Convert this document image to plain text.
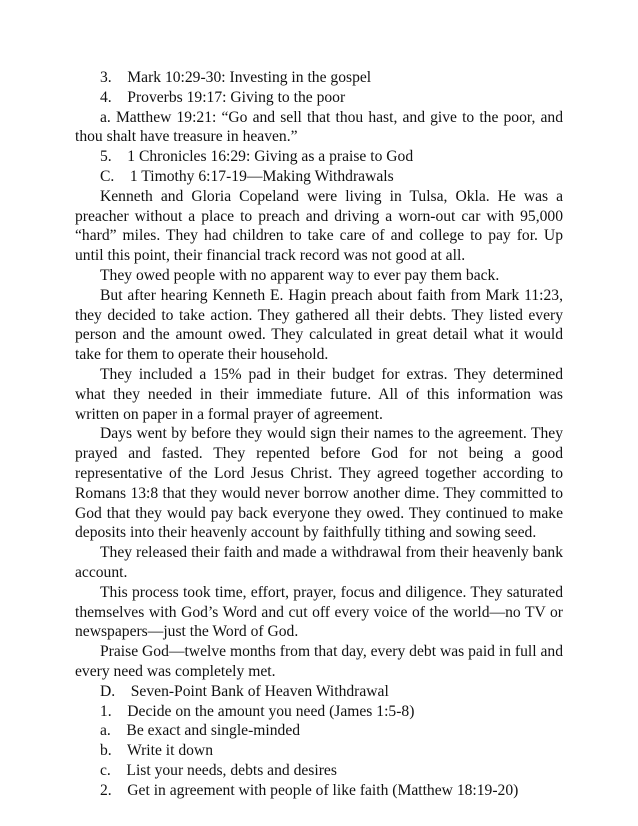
3.    Mark 10:29-30: Investing in the gospel
4.    Proverbs 19:17: Giving to the poor
a. Matthew 19:21: “Go and sell that thou hast, and give to the poor, and thou shalt have treasure in heaven.”
5.    1 Chronicles 16:29: Giving as a praise to God
C.    1 Timothy 6:17-19—Making Withdrawals
Kenneth and Gloria Copeland were living in Tulsa, Okla. He was a preacher without a place to preach and driving a worn-out car with 95,000 “hard” miles. They had children to take care of and college to pay for. Up until this point, their financial track record was not good at all.
They owed people with no apparent way to ever pay them back.
But after hearing Kenneth E. Hagin preach about faith from Mark 11:23, they decided to take action. They gathered all their debts. They listed every person and the amount owed. They calculated in great detail what it would take for them to operate their household.
They included a 15% pad in their budget for extras. They determined what they needed in their immediate future. All of this information was written on paper in a formal prayer of agreement.
Days went by before they would sign their names to the agreement. They prayed and fasted. They repented before God for not being a good representative of the Lord Jesus Christ. They agreed together according to Romans 13:8 that they would never borrow another dime. They committed to God that they would pay back everyone they owed. They continued to make deposits into their heavenly account by faithfully tithing and sowing seed.
They released their faith and made a withdrawal from their heavenly bank account.
This process took time, effort, prayer, focus and diligence. They saturated themselves with God’s Word and cut off every voice of the world—no TV or newspapers—just the Word of God.
Praise God—twelve months from that day, every debt was paid in full and every need was completely met.
D.    Seven-Point Bank of Heaven Withdrawal
1.    Decide on the amount you need (James 1:5-8)
a.    Be exact and single-minded
b.    Write it down
c.    List your needs, debts and desires
2.    Get in agreement with people of like faith (Matthew 18:19-20)
